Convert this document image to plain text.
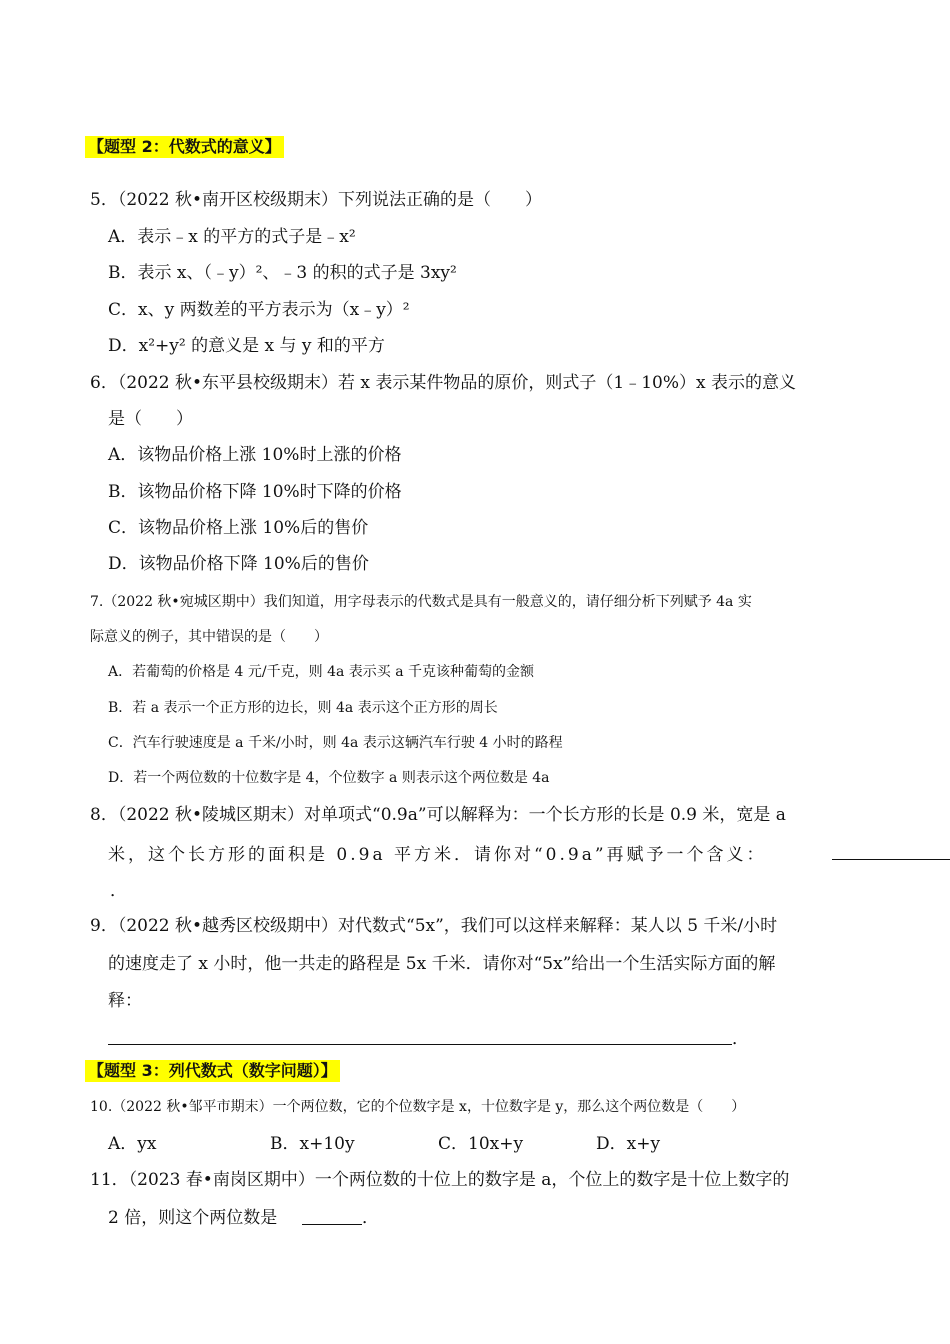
【题型 2：代数式的意义】
5．（2022 秋•南开区校级期末）下列说法正确的是（　　）
A．表示﹣x 的平方的式子是﹣x²
B．表示 x、（﹣y）²、﹣3 的积的式子是 3xy²
C．x、y 两数差的平方表示为（x﹣y）²
D．x²+y² 的意义是 x 与 y 和的平方
6．（2022 秋•东平县校级期末）若 x 表示某件物品的原价，则式子（1﹣10%）x 表示的意义
是（　　）
A．该物品价格上涨 10%时上涨的价格
B．该物品价格下降 10%时下降的价格
C．该物品价格上涨 10%后的售价
D．该物品价格下降 10%后的售价
7.（2022 秋•宛城区期中）我们知道，用字母表示的代数式是具有一般意义的，请仔细分析下列赋予 4a 实
际意义的例子，其中错误的是（　　）
A．若葡萄的价格是 4 元/千克，则 4a 表示买 a 千克该种葡萄的金额
B．若 a 表示一个正方形的边长，则 4a 表示这个正方形的周长
C．汽车行驶速度是 a 千米/小时，则 4a 表示这辆汽车行驶 4 小时的路程
D．若一个两位数的十位数字是 4，个位数字 a 则表示这个两位数是 4a
8．（2022 秋•陵城区期末）对单项式“0.9a”可以解释为：一个长方形的长是 0.9 米，宽是 a
米，这个长方形的面积是 0.9a 平方米．请你对“0.9a”再赋予一个含义：
．
9．（2022 秋•越秀区校级期中）对代数式“5x”，我们可以这样来解释：某人以 5 千米/小时
的速度走了 x 小时，他一共走的路程是 5x 千米．请你对“5x”给出一个生活实际方面的解
释：
．
【题型 3：列代数式（数字问题）】
10.（2022 秋•邹平市期末）一个两位数，它的个位数字是 x，十位数字是 y，那么这个两位数是（　　）
A．yx	B．x+10y	C．10x+y	D．x+y
11．（2023 春•南岗区期中）一个两位数的十位上的数字是 a，个位上的数字是十位上数字的
2 倍，则这个两位数是	．
